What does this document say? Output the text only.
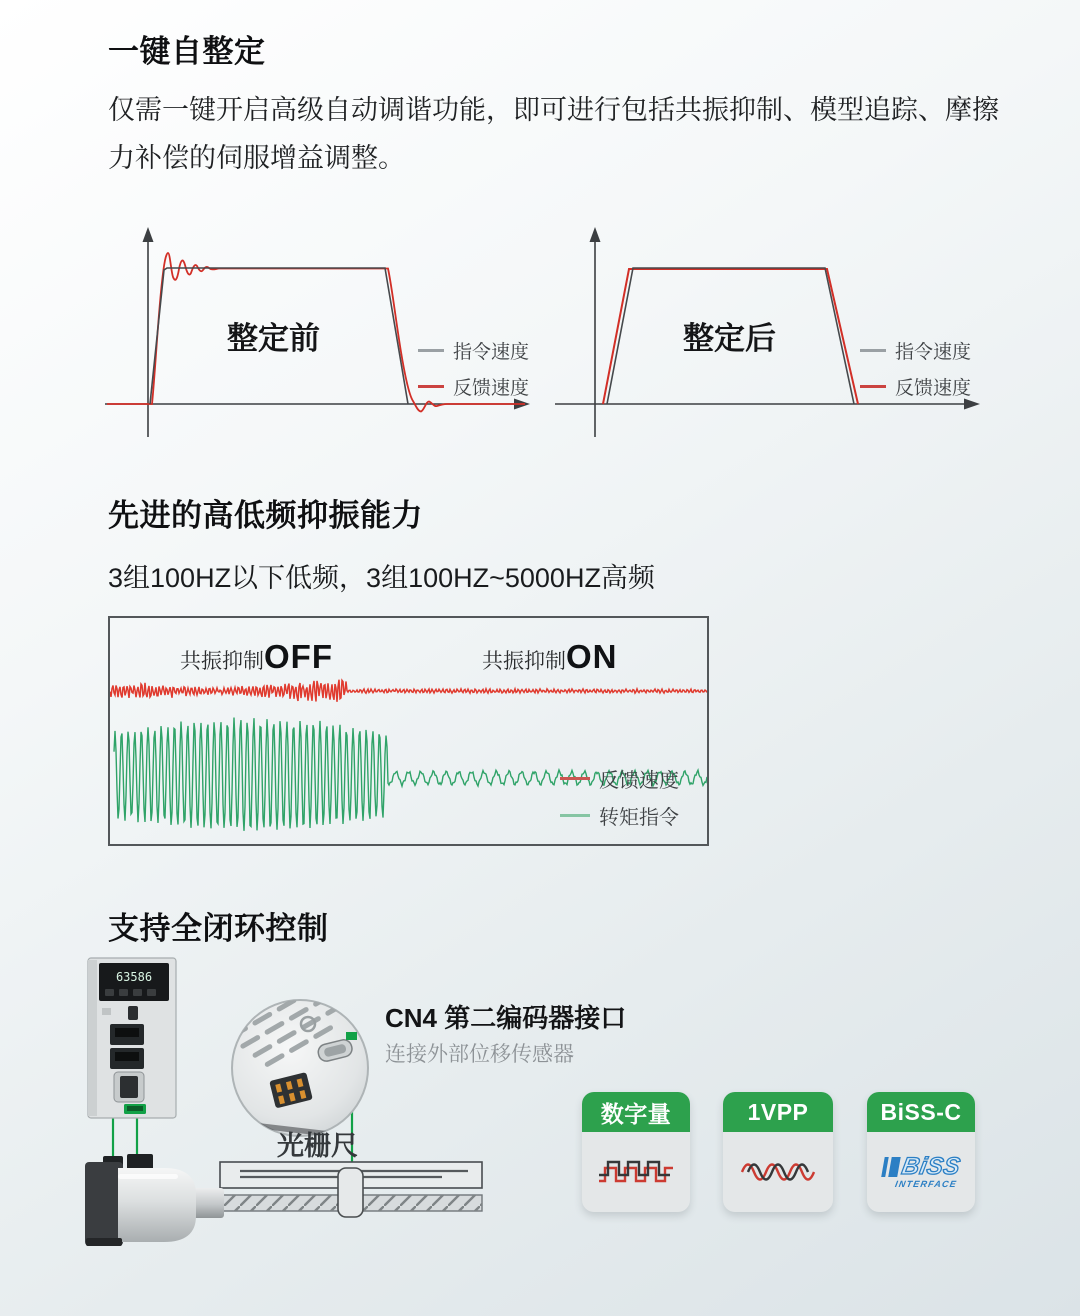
一键自整定
仅需一键开启高级自动调谐功能，即可进行包括共振抑制、模型追踪、摩擦力补偿的伺服增益调整。
整定前	指令速度
反馈速度
整定后	指令速度
反馈速度
先进的高低频抑振能力
3组100HZ以下低频，3组100HZ~5000HZ高频
共振抑制 OFF	共振抑制 ON
反馈速度
转矩指令
支持全闭环控制
63586
CN4 第二编码器接口
连接外部位移传感器
光栅尺
数字量	1VPP	BiSS-C
BiSS
INTERFACE
